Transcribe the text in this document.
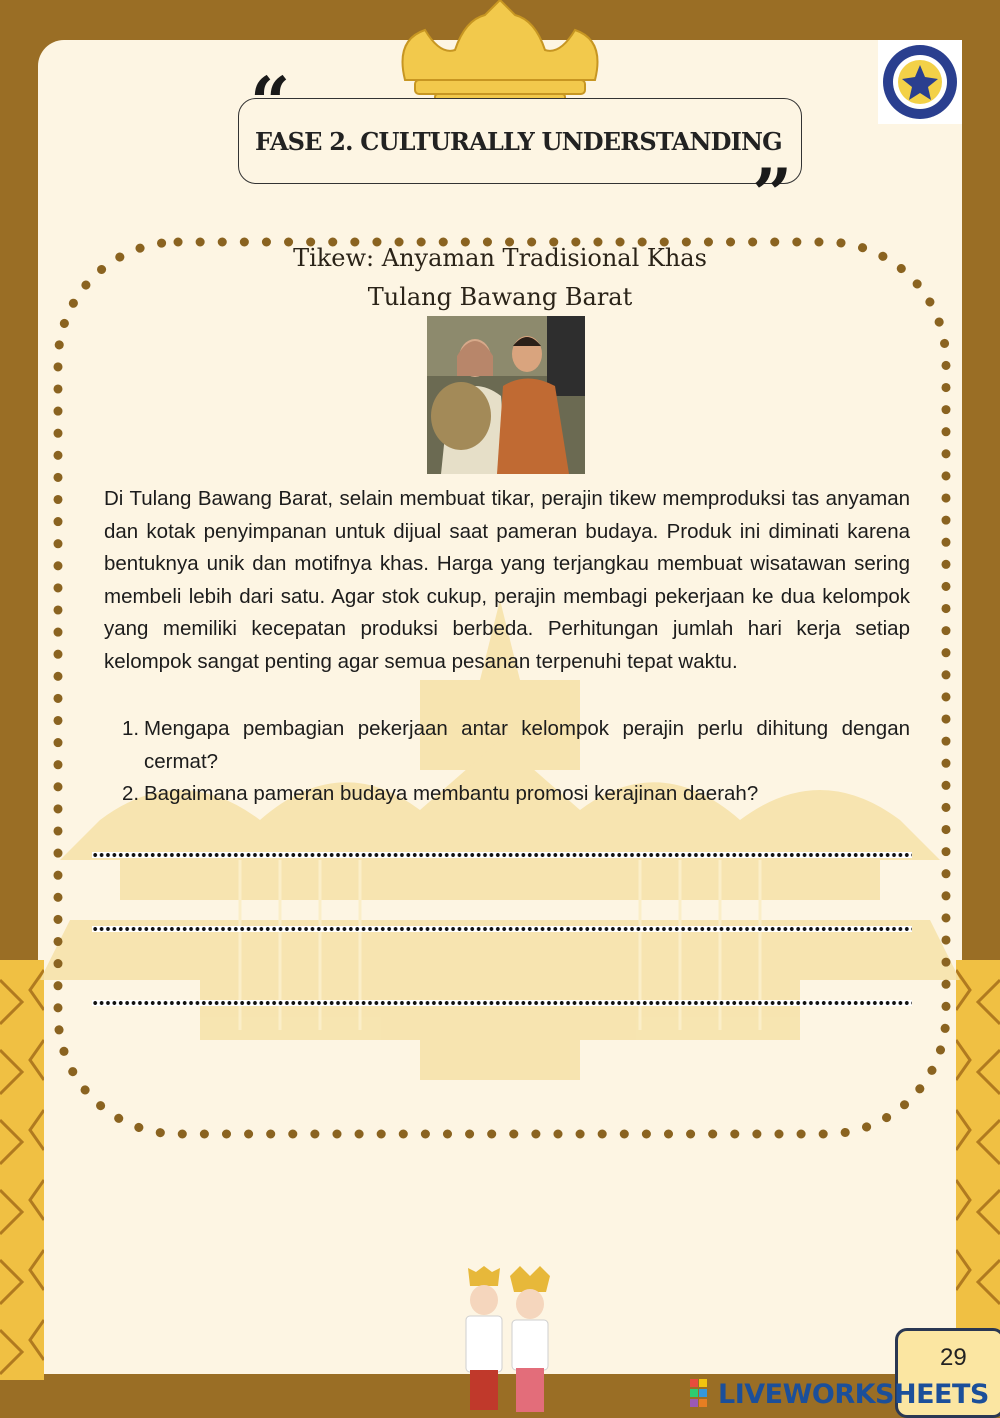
FASE 2. CULTURALLY UNDERSTANDING
“
”
Tikew: Anyaman Tradisional Khas
Tulang Bawang Barat
Di Tulang Bawang Barat, selain membuat tikar, perajin tikew memproduksi tas anyaman dan kotak penyimpanan untuk dijual saat pameran budaya. Produk ini diminati karena bentuknya unik dan motifnya khas. Harga yang terjangkau membuat wisatawan sering membeli lebih dari satu. Agar stok cukup, perajin membagi pekerjaan ke dua kelompok yang memiliki kecepatan produksi berbeda. Perhitungan jumlah hari kerja setiap kelompok sangat penting agar semua pesanan terpenuhi tepat waktu.
1. Mengapa pembagian pekerjaan antar kelompok perajin perlu dihitung dengan cermat?
2. Bagaimana pameran budaya membantu promosi kerajinan daerah?
29
LIVEWORKSHEETS
